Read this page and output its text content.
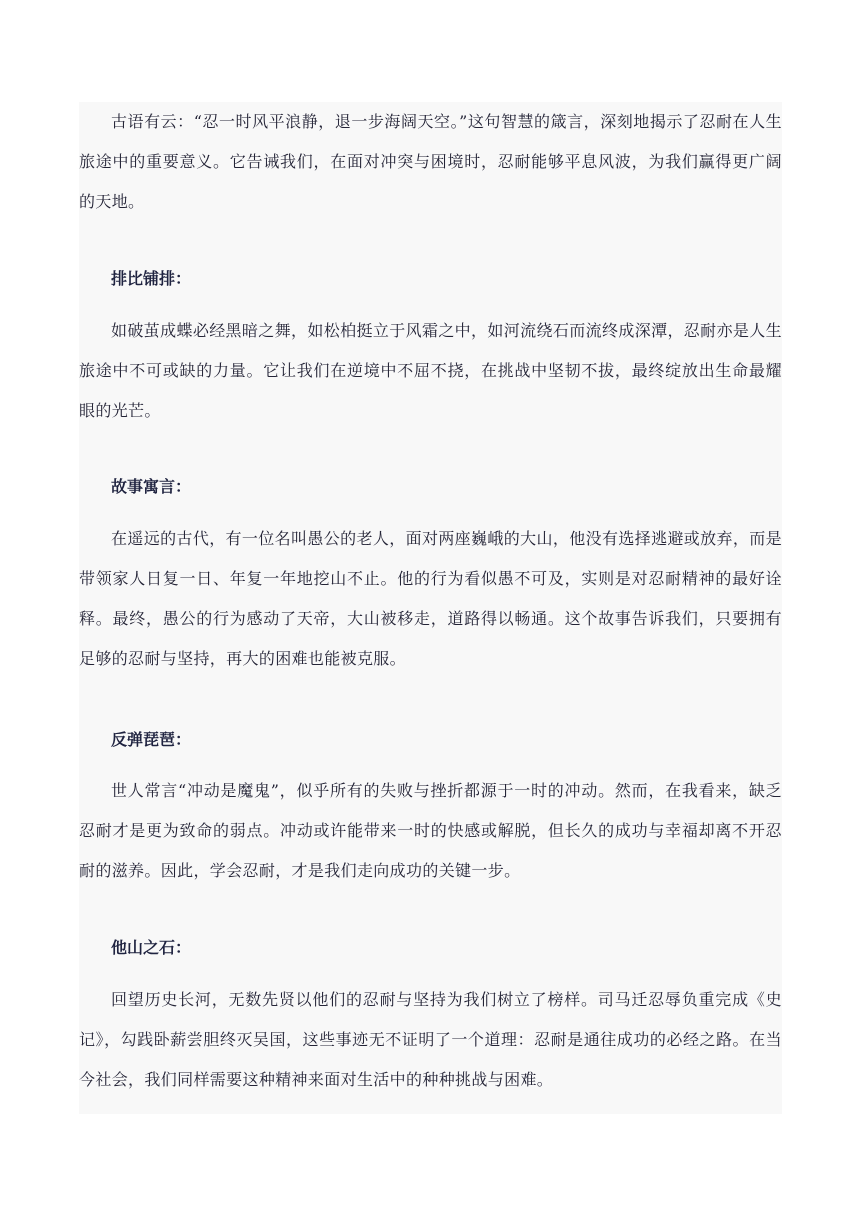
古语有云：“忍一时风平浪静，退一步海阔天空。”这句智慧的箴言，深刻地揭示了忍耐在人生旅途中的重要意义。它告诫我们，在面对冲突与困境时，忍耐能够平息风波，为我们赢得更广阔的天地。

排比铺排：

如破茧成蝶必经黑暗之舞，如松柏挺立于风霜之中，如河流绕石而流终成深潭，忍耐亦是人生旅途中不可或缺的力量。它让我们在逆境中不屈不挠，在挑战中坚韧不拔，最终绽放出生命最耀眼的光芒。

故事寓言：

在遥远的古代，有一位名叫愚公的老人，面对两座巍峨的大山，他没有选择逃避或放弃，而是带领家人日复一日、年复一年地挖山不止。他的行为看似愚不可及，实则是对忍耐精神的最好诠释。最终，愚公的行为感动了天帝，大山被移走，道路得以畅通。这个故事告诉我们，只要拥有足够的忍耐与坚持，再大的困难也能被克服。

反弹琵琶：

世人常言“冲动是魔鬼”，似乎所有的失败与挫折都源于一时的冲动。然而，在我看来，缺乏忍耐才是更为致命的弱点。冲动或许能带来一时的快感或解脱，但长久的成功与幸福却离不开忍耐的滋养。因此，学会忍耐，才是我们走向成功的关键一步。

他山之石：

回望历史长河，无数先贤以他们的忍耐与坚持为我们树立了榜样。司马迁忍辱负重完成《史记》，勾践卧薪尝胆终灭吴国，这些事迹无不证明了一个道理：忍耐是通往成功的必经之路。在当今社会，我们同样需要这种精神来面对生活中的种种挑战与困难。
